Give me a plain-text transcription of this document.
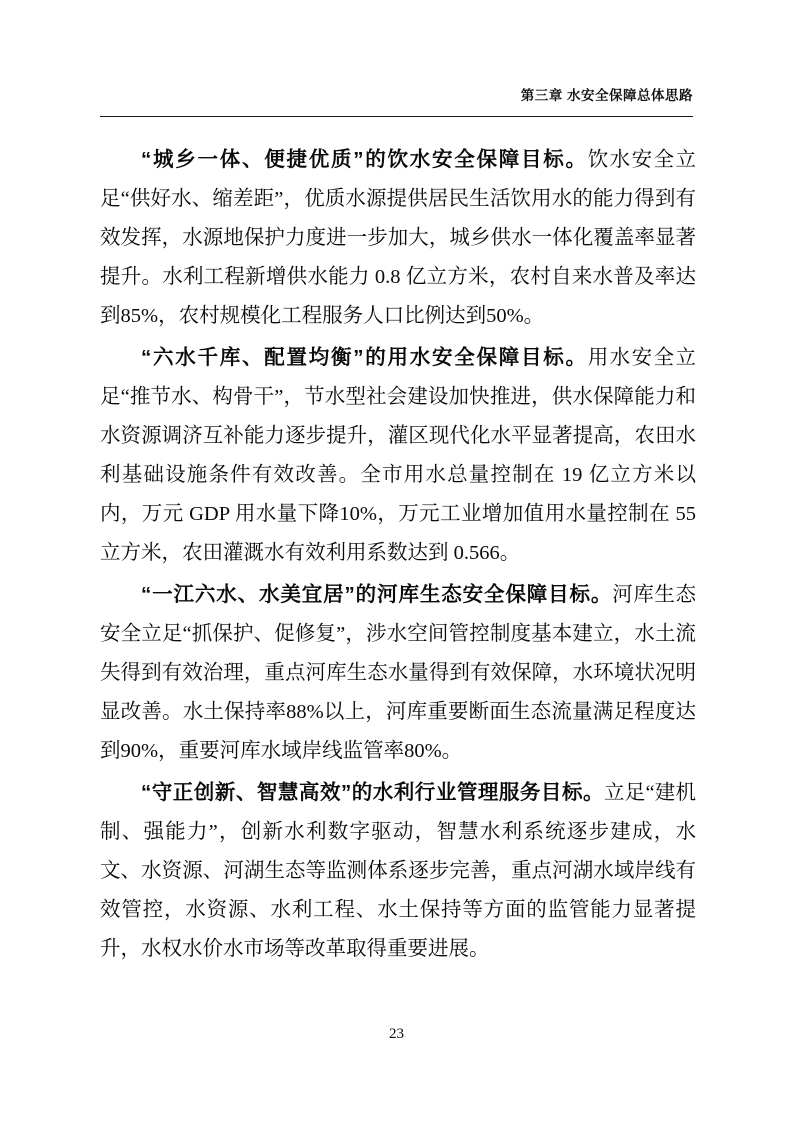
第三章 水安全保障总体思路

“城乡一体、便捷优质”的饮水安全保障目标。饮水安全立足“供好水、缩差距”，优质水源提供居民生活饮用水的能力得到有效发挥，水源地保护力度进一步加大，城乡供水一体化覆盖率显著提升。水利工程新增供水能力 0.8 亿立方米，农村自来水普及率达到85%，农村规模化工程服务人口比例达到50%。

“六水千库、配置均衡”的用水安全保障目标。用水安全立足“推节水、构骨干”，节水型社会建设加快推进，供水保障能力和水资源调济互补能力逐步提升，灌区现代化水平显著提高，农田水利基础设施条件有效改善。全市用水总量控制在 19 亿立方米以内，万元 GDP 用水量下降10%，万元工业增加值用水量控制在 55 立方米，农田灌溉水有效利用系数达到 0.566。

“一江六水、水美宜居”的河库生态安全保障目标。河库生态安全立足“抓保护、促修复”，涉水空间管控制度基本建立，水土流失得到有效治理，重点河库生态水量得到有效保障，水环境状况明显改善。水土保持率88%以上，河库重要断面生态流量满足程度达到90%，重要河库水域岸线监管率80%。

“守正创新、智慧高效”的水利行业管理服务目标。立足“建机制、强能力”，创新水利数字驱动，智慧水利系统逐步建成，水文、水资源、河湖生态等监测体系逐步完善，重点河湖水域岸线有效管控，水资源、水利工程、水土保持等方面的监管能力显著提升，水权水价水市场等改革取得重要进展。

23
